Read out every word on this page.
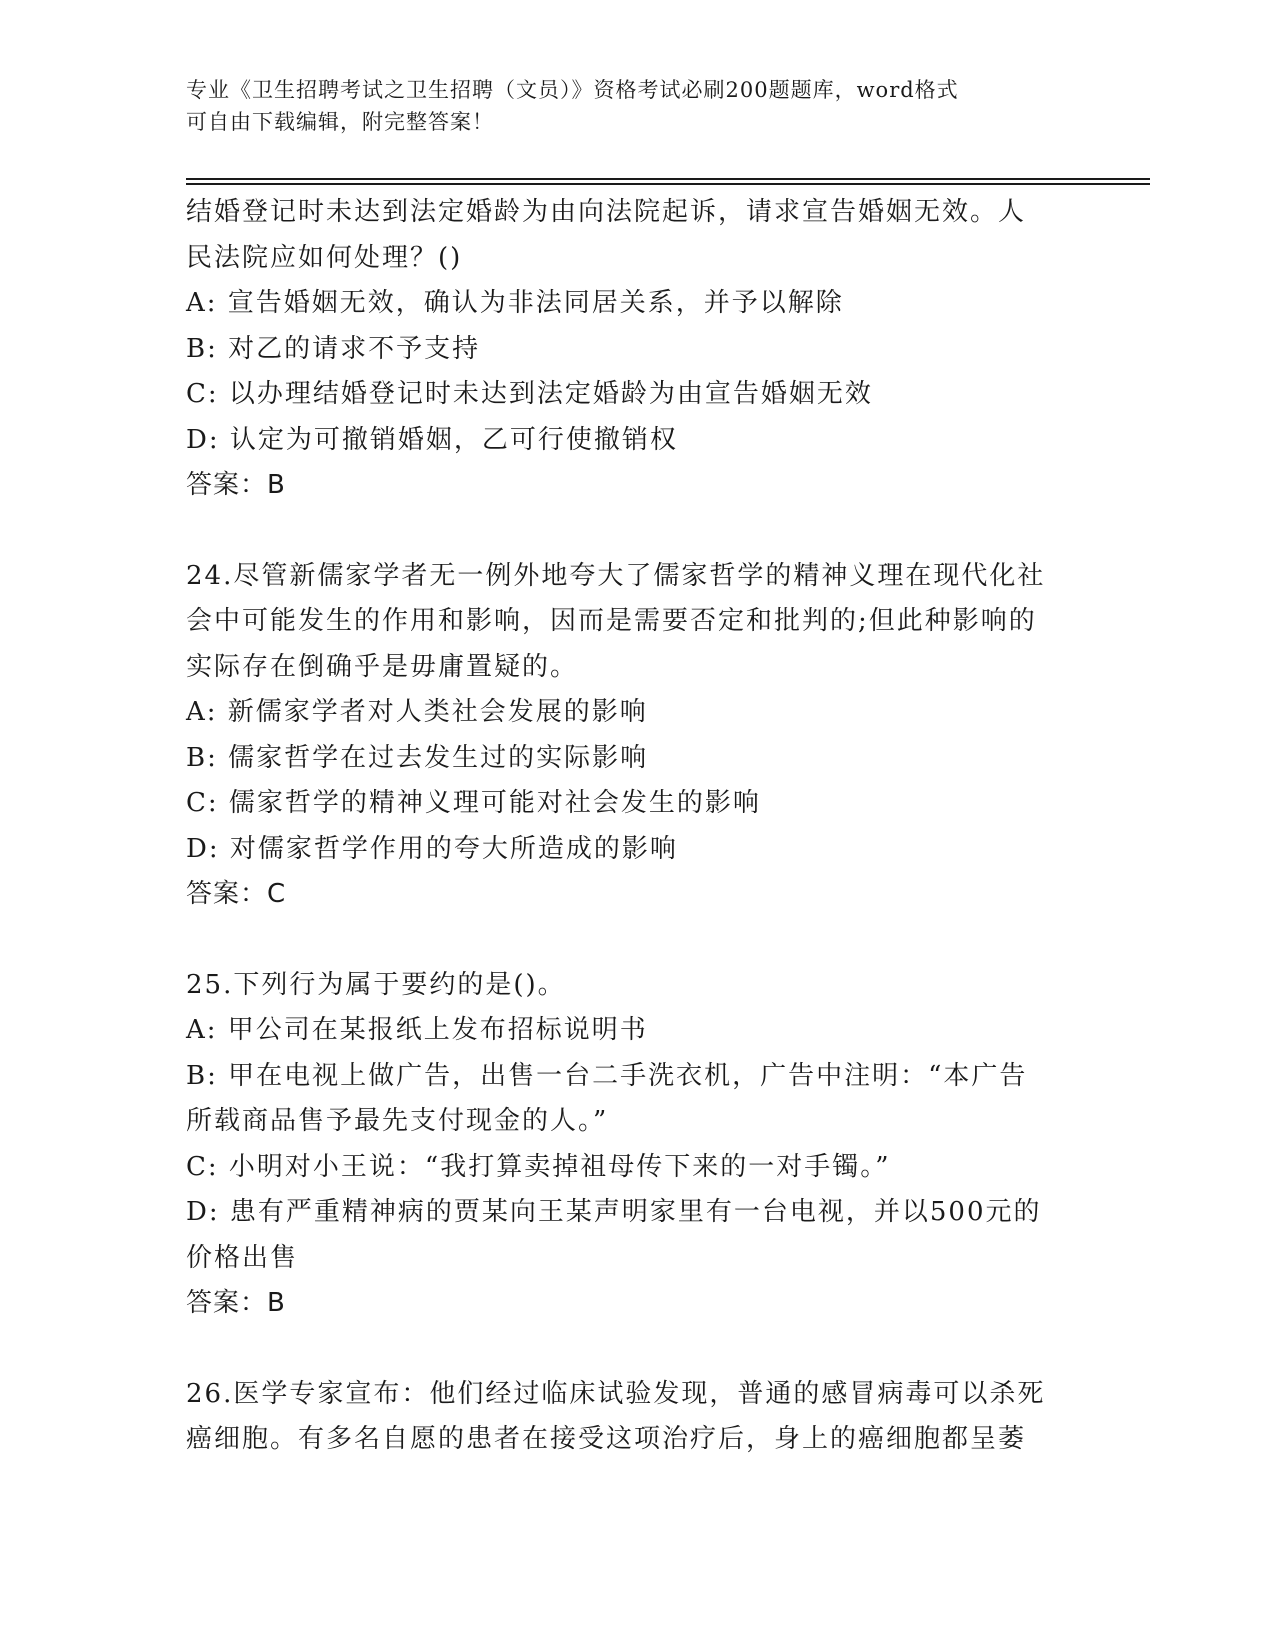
专业《卫生招聘考试之卫生招聘（文员）》资格考试必刷200题题库，word格式
可自由下载编辑，附完整答案！
结婚登记时未达到法定婚龄为由向法院起诉，请求宣告婚姻无效。人
民法院应如何处理？()
A: 宣告婚姻无效，确认为非法同居关系，并予以解除
B: 对乙的请求不予支持
C: 以办理结婚登记时未达到法定婚龄为由宣告婚姻无效
D: 认定为可撤销婚姻，乙可行使撤销权
答案：B
24.尽管新儒家学者无一例外地夸大了儒家哲学的精神义理在现代化社
会中可能发生的作用和影响，因而是需要否定和批判的;但此种影响的
实际存在倒确乎是毋庸置疑的。
A: 新儒家学者对人类社会发展的影响
B: 儒家哲学在过去发生过的实际影响
C: 儒家哲学的精神义理可能对社会发生的影响
D: 对儒家哲学作用的夸大所造成的影响
答案：C
25.下列行为属于要约的是()。
A: 甲公司在某报纸上发布招标说明书
B: 甲在电视上做广告，出售一台二手洗衣机，广告中注明：“本广告
所载商品售予最先支付现金的人。”
C: 小明对小王说：“我打算卖掉祖母传下来的一对手镯。”
D: 患有严重精神病的贾某向王某声明家里有一台电视，并以500元的
价格出售
答案：B
26.医学专家宣布：他们经过临床试验发现，普通的感冒病毒可以杀死
癌细胞。有多名自愿的患者在接受这项治疗后，身上的癌细胞都呈萎
